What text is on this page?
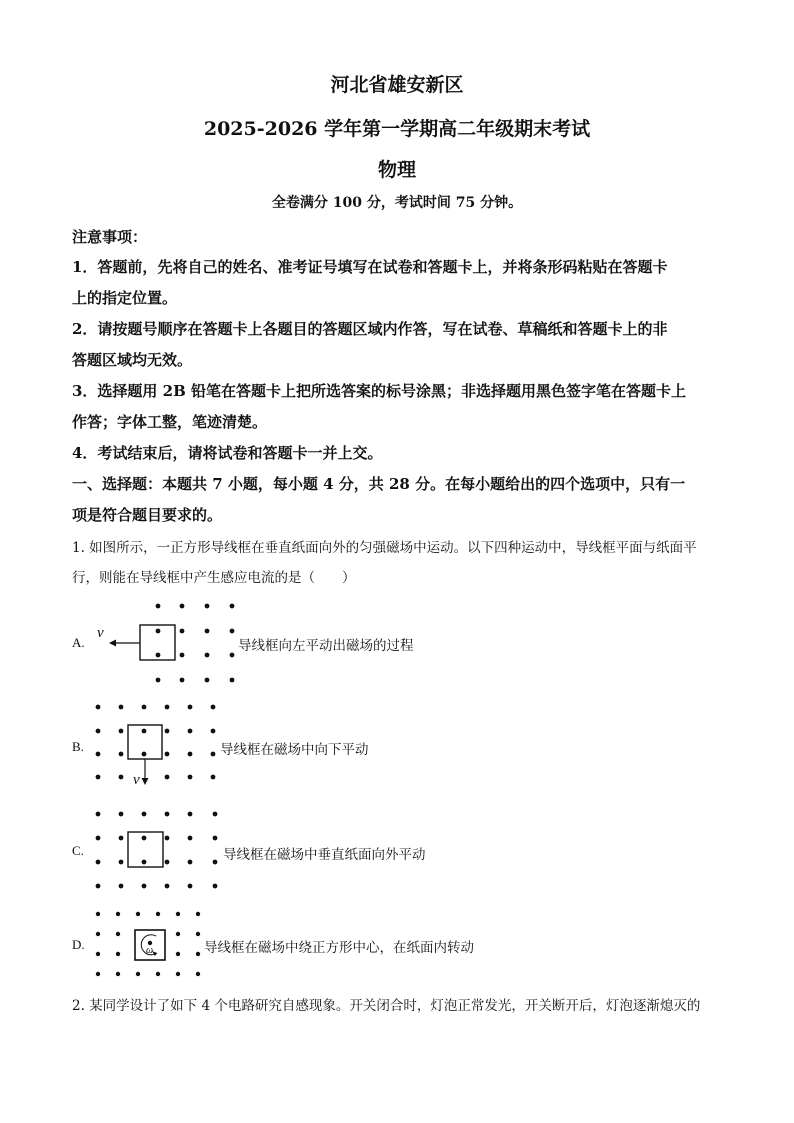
河北省雄安新区
2025-2026 学年第一学期高二年级期末考试
物理
全卷满分 100 分，考试时间 75 分钟。
注意事项：
1．答题前，先将自己的姓名、准考证号填写在试卷和答题卡上，并将条形码粘贴在答题卡
上的指定位置。
2．请按题号顺序在答题卡上各题目的答题区域内作答，写在试卷、草稿纸和答题卡上的非
答题区域均无效。
3．选择题用 2B 铅笔在答题卡上把所选答案的标号涂黑；非选择题用黑色签字笔在答题卡上
作答；字体工整，笔迹清楚。
4．考试结束后，请将试卷和答题卡一并上交。
一、选择题：本题共 7 小题，每小题 4 分，共 28 分。在每小题给出的四个选项中，只有一
项是符合题目要求的。
1. 如图所示，一正方形导线框在垂直纸面向外的匀强磁场中运动。以下四种运动中，导线框平面与纸面平
行，则能在导线框中产生感应电流的是（　　）
A.
v
导线框向左平动出磁场的过程
B.
v
导线框在磁场中向下平动
C.	导线框在磁场中垂直纸面向外平动
D.	ω	导线框在磁场中绕正方形中心，在纸面内转动
2. 某同学设计了如下 4 个电路研究自感现象。开关闭合时，灯泡正常发光，开关断开后，灯泡逐渐熄灭的
